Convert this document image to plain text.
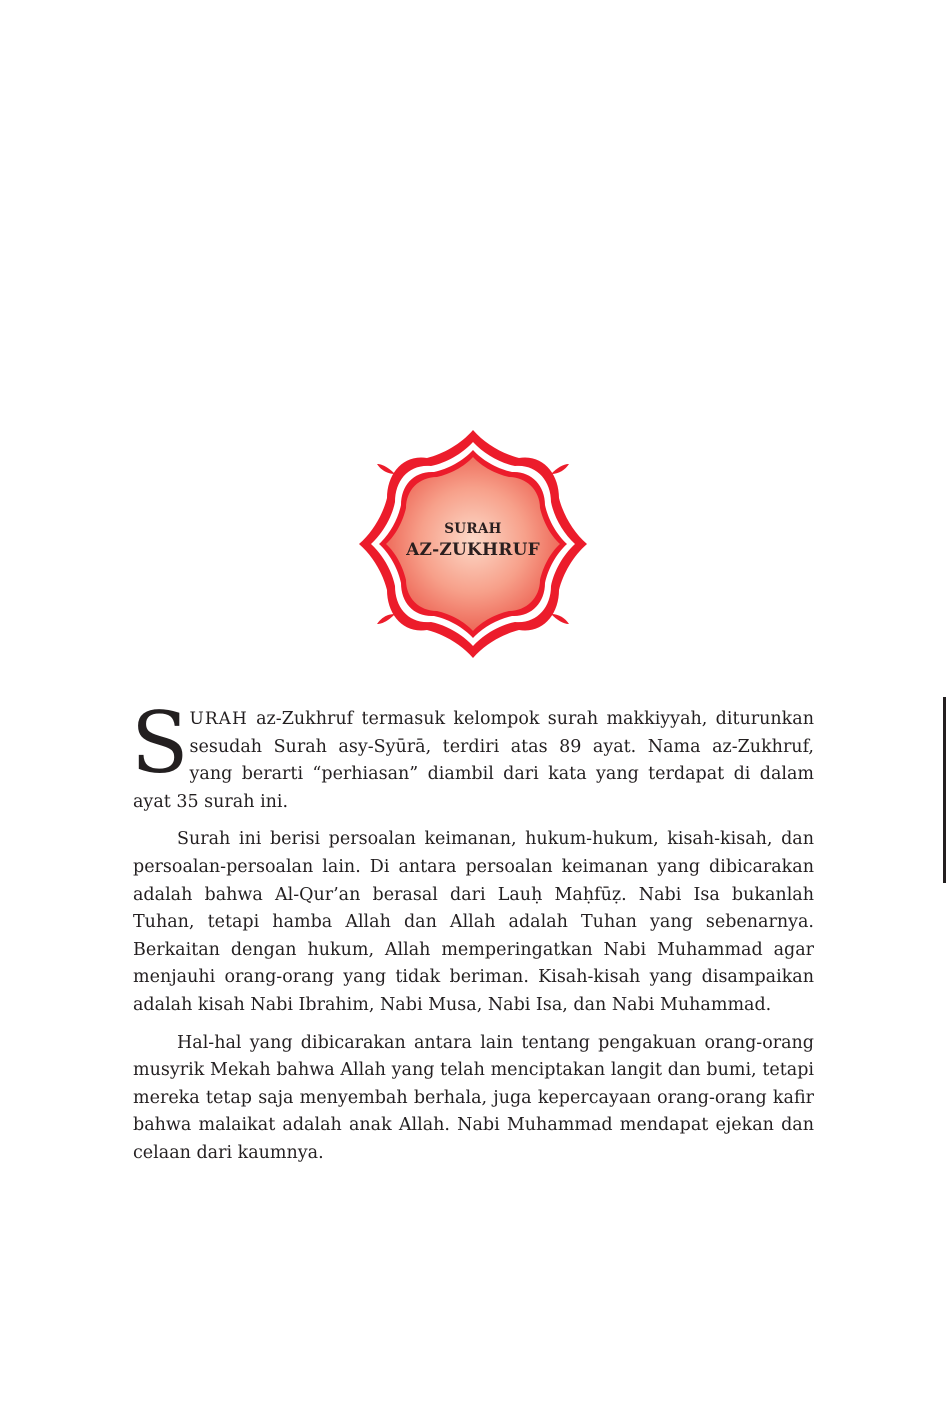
SURAH
AZ-ZUKHRUF

SURAH az-Zukhruf termasuk kelompok surah makkiyyah, diturunkan sesudah Surah asy-Syūrā, terdiri atas 89 ayat. Nama az-Zukhruf, yang berarti “perhiasan” diambil dari kata yang terdapat di dalam ayat 35 surah ini.

Surah ini berisi persoalan keimanan, hukum-hukum, kisah-kisah, dan persoalan-persoalan lain. Di antara persoalan keimanan yang dibicarakan adalah bahwa Al-Qur’an berasal dari Lauḥ Maḥfūẓ. Nabi Isa bukanlah Tuhan, tetapi hamba Allah dan Allah adalah Tuhan yang sebenarnya. Berkaitan dengan hukum, Allah memperingatkan Nabi Muhammad agar menjauhi orang-orang yang tidak beriman. Kisah-kisah yang disampaikan adalah kisah Nabi Ibrahim, Nabi Musa, Nabi Isa, dan Nabi Muhammad.

Hal-hal yang dibicarakan antara lain tentang pengakuan orang-orang musyrik Mekah bahwa Allah yang telah menciptakan langit dan bumi, tetapi mereka tetap saja menyembah berhala, juga kepercayaan orang-orang kafir bahwa malaikat adalah anak Allah. Nabi Muhammad mendapat ejekan dan celaan dari kaumnya.
